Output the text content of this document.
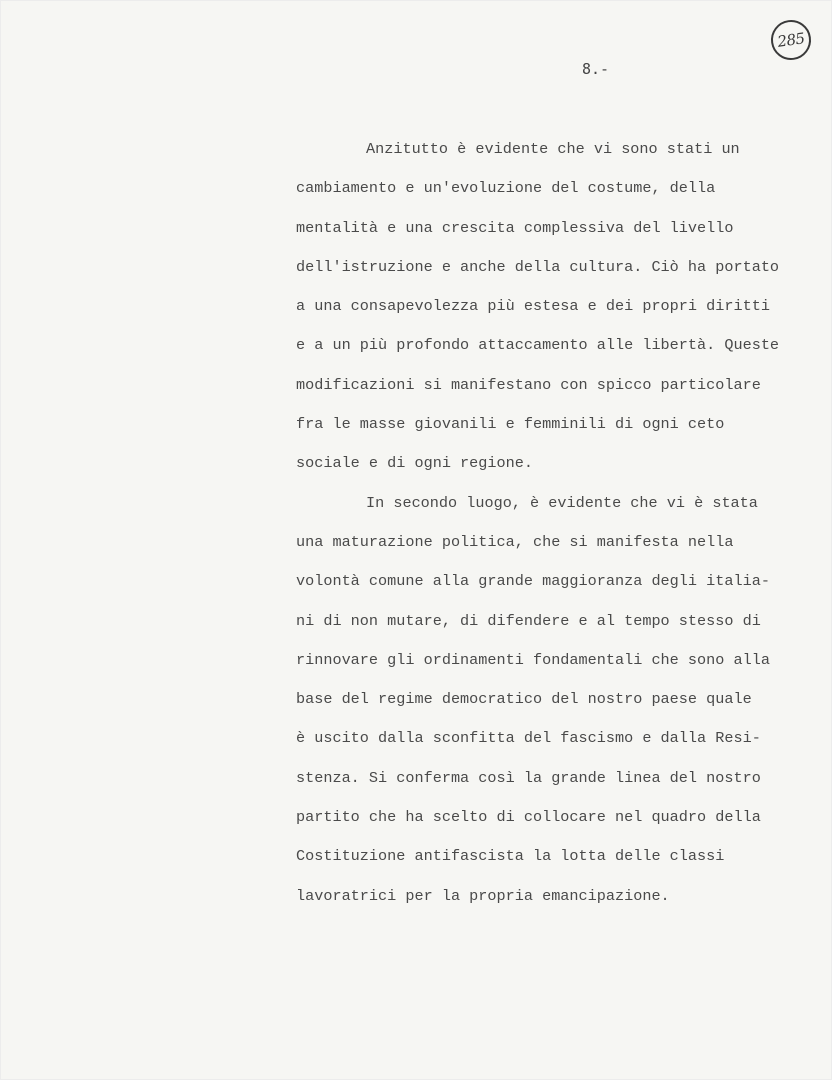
285
8.-

Anzitutto è evidente che vi sono stati un
cambiamento e un'evoluzione del costume, della
mentalità e una crescita complessiva del livello
dell'istruzione e anche della cultura. Ciò ha portato
a una consapevolezza più estesa e dei propri diritti
e a un più profondo attaccamento alle libertà. Queste
modificazioni si manifestano con spicco particolare
fra le masse giovanili e femminili di ogni ceto
sociale e di ogni regione.

In secondo luogo, è evidente che vi è stata
una maturazione politica, che si manifesta nella
volontà comune alla grande maggioranza degli italia-
ni di non mutare, di difendere e al tempo stesso di
rinnovare gli ordinamenti fondamentali che sono alla
base del regime democratico del nostro paese quale
è uscito dalla sconfitta del fascismo e dalla Resi-
stenza. Si conferma così la grande linea del nostro
partito che ha scelto di collocare nel quadro della
Costituzione antifascista la lotta delle classi
lavoratrici per la propria emancipazione.
